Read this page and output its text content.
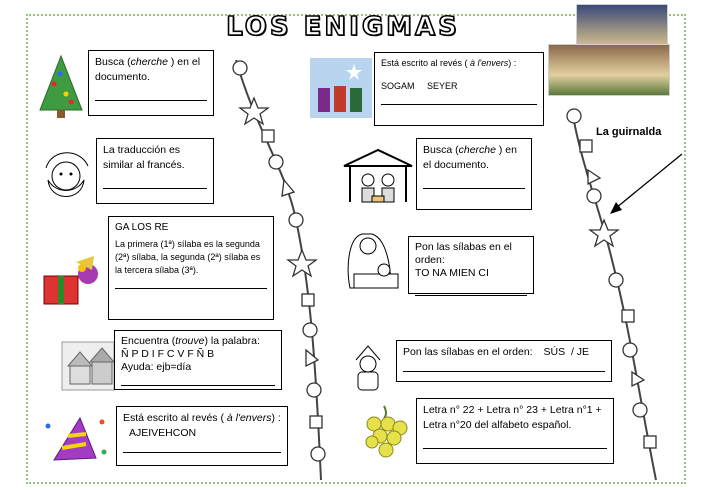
LOS ENIGMAS
La guirnalda
Busca (cherche ) en el documento.
La traducción es similar al francés.
GA LOS RE
La primera (1ª) sílaba es la segunda (2ª) sílaba, la segunda (2ª) sílaba es la tercera sílaba (3ª).
Encuentra (trouve) la palabra:
Ñ P D I F C V F Ñ B
Ayuda: ejb=día
Está escrito al revés ( à l'envers) :
AJEIVEHCON
Está escrito al revés ( à l'envers) :
SOGAM     SEYER
Busca (cherche ) en el documento.
Pon las sílabas en el orden:
TO NA MIEN CI
Pon las sílabas en el orden: SÚS  / JE
Letra n° 22 + Letra n° 23 + Letra n°1 + Letra n°20 del alfabeto español.
